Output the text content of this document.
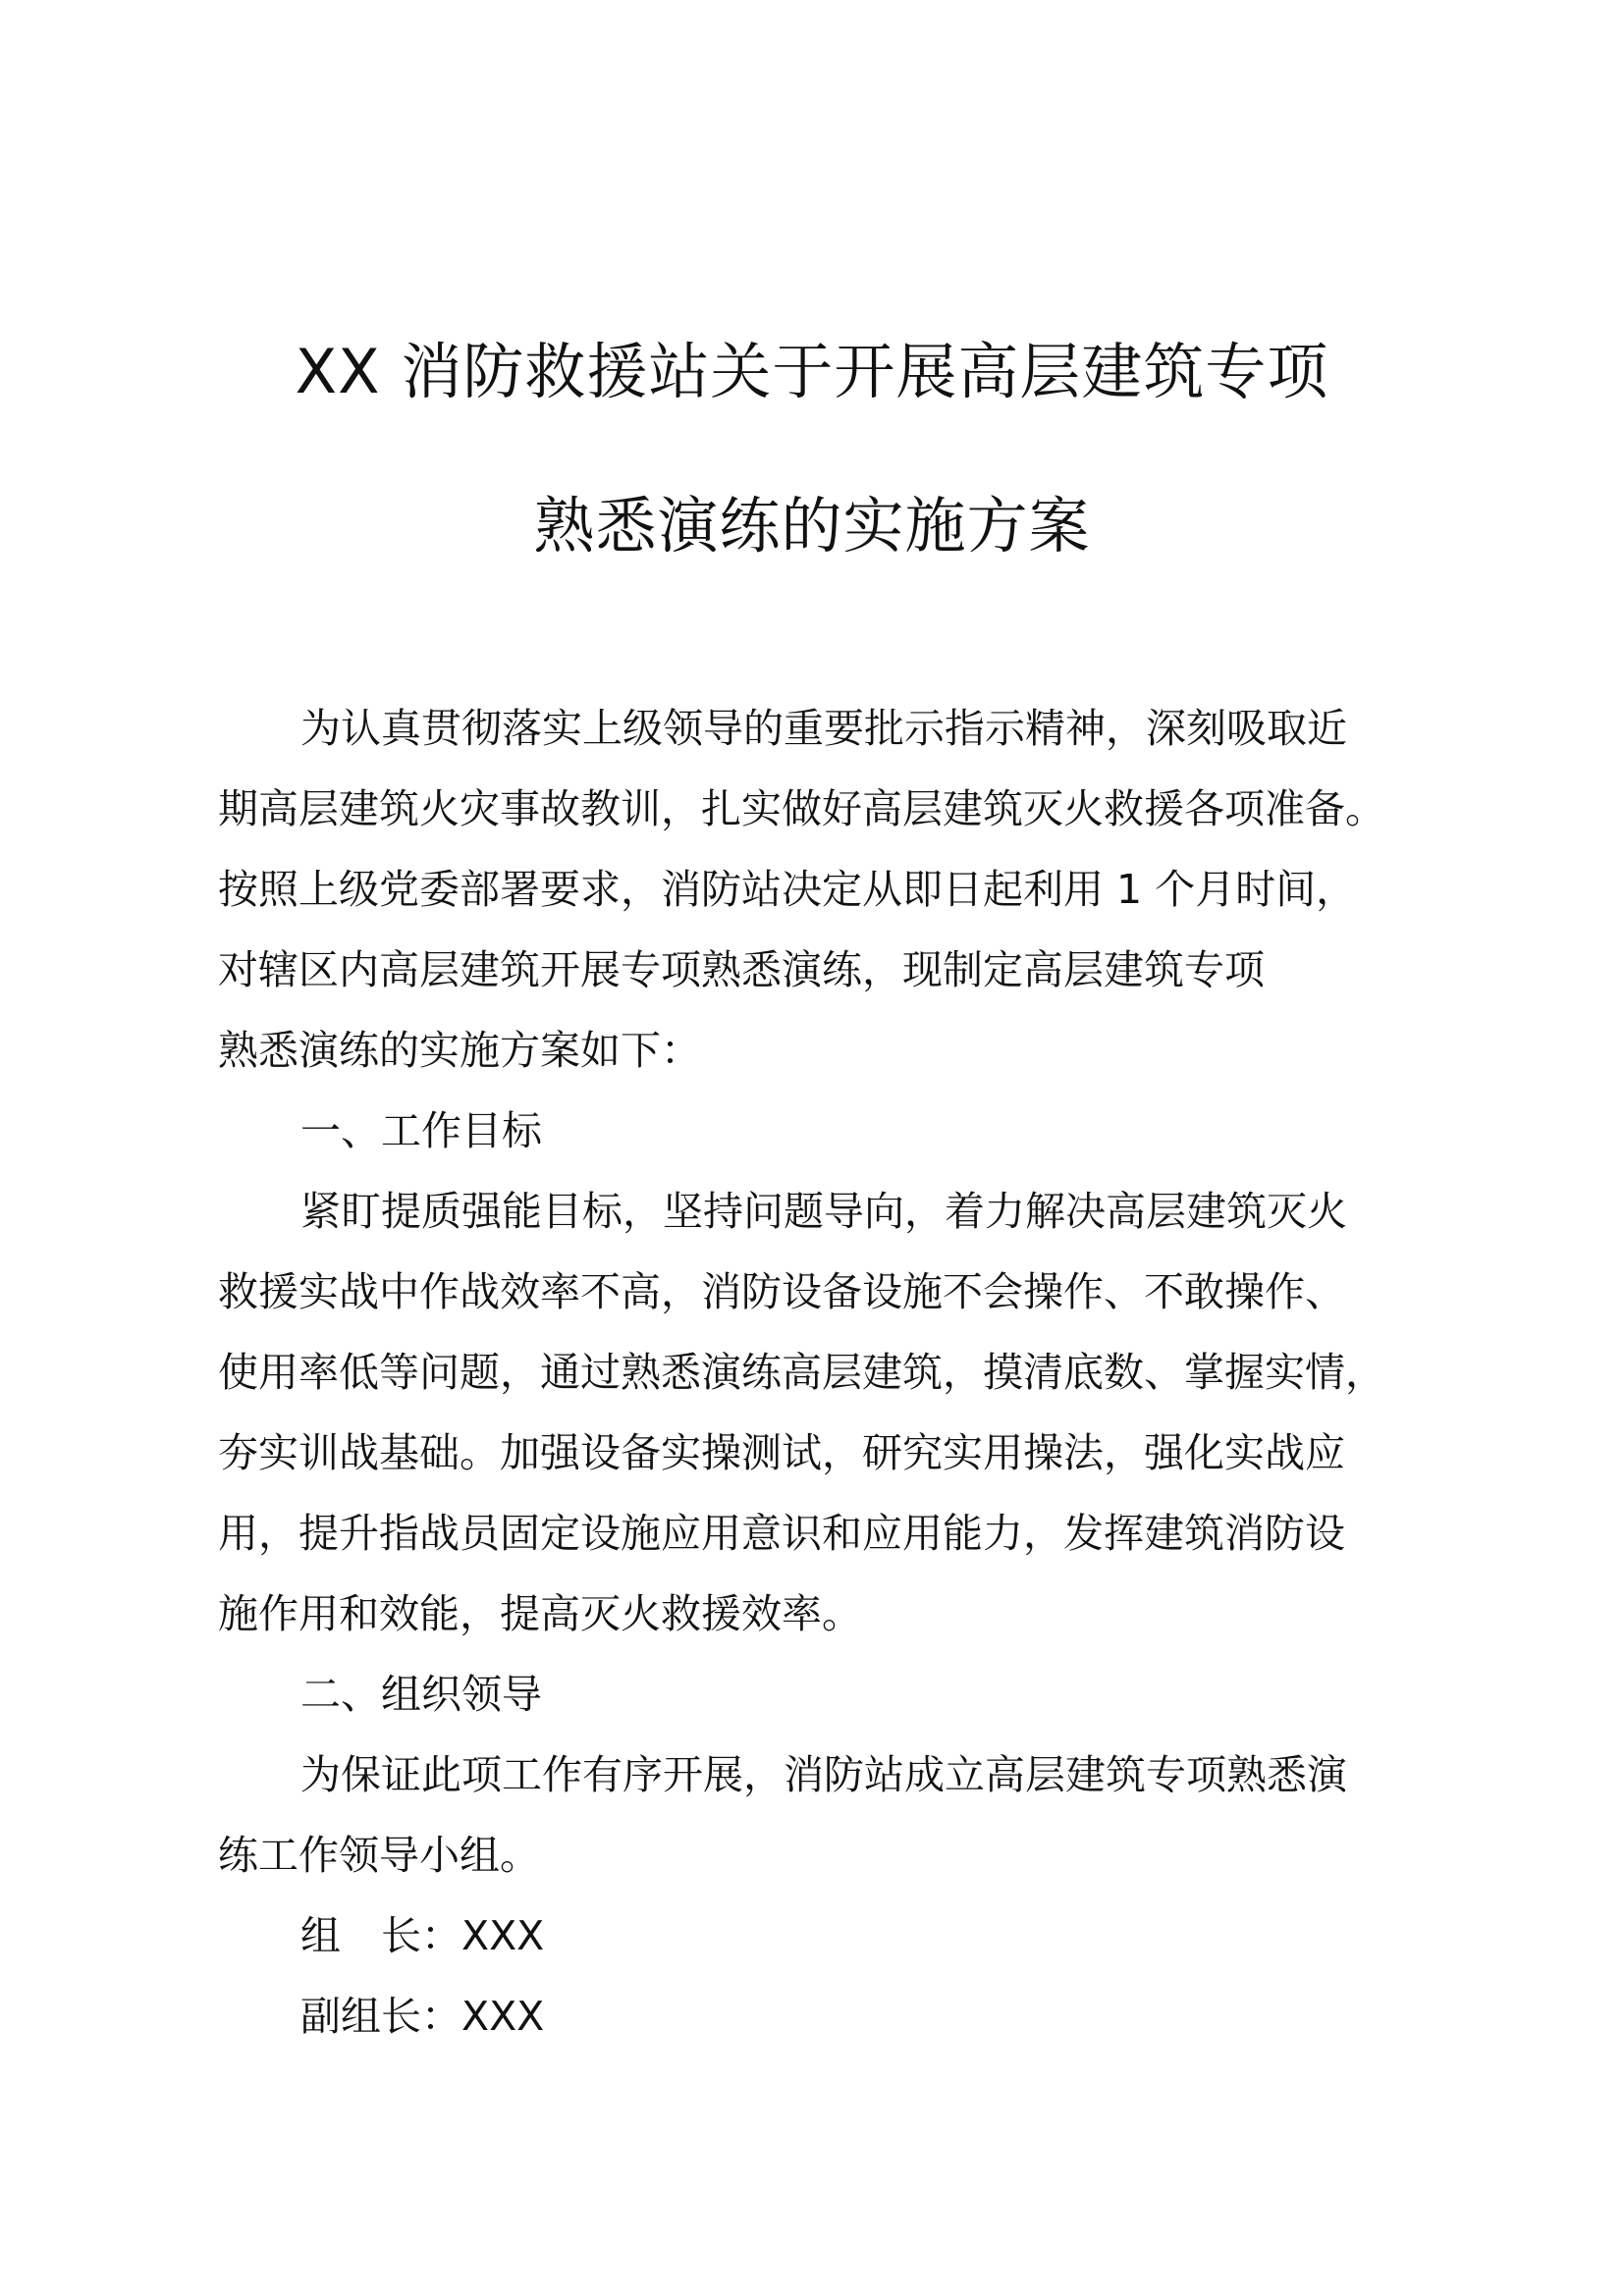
XX 消防救援站关于开展高层建筑专项
熟悉演练的实施方案
为认真贯彻落实上级领导的重要批示指示精神，深刻吸取近
期高层建筑火灾事故教训，扎实做好高层建筑灭火救援各项准备。
按照上级党委部署要求，消防站决定从即日起利用 1 个月时间，
对辖区内高层建筑开展专项熟悉演练，现制定高层建筑专项
熟悉演练的实施方案如下：
一、工作目标
紧盯提质强能目标，坚持问题导向，着力解决高层建筑灭火
救援实战中作战效率不高，消防设备设施不会操作、不敢操作、
使用率低等问题，通过熟悉演练高层建筑，摸清底数、掌握实情，
夯实训战基础。加强设备实操测试，研究实用操法，强化实战应
用，提升指战员固定设施应用意识和应用能力，发挥建筑消防设
施作用和效能，提高灭火救援效率。
二、组织领导
为保证此项工作有序开展，消防站成立高层建筑专项熟悉演
练工作领导小组。
组　长：XXX
副组长：XXX
